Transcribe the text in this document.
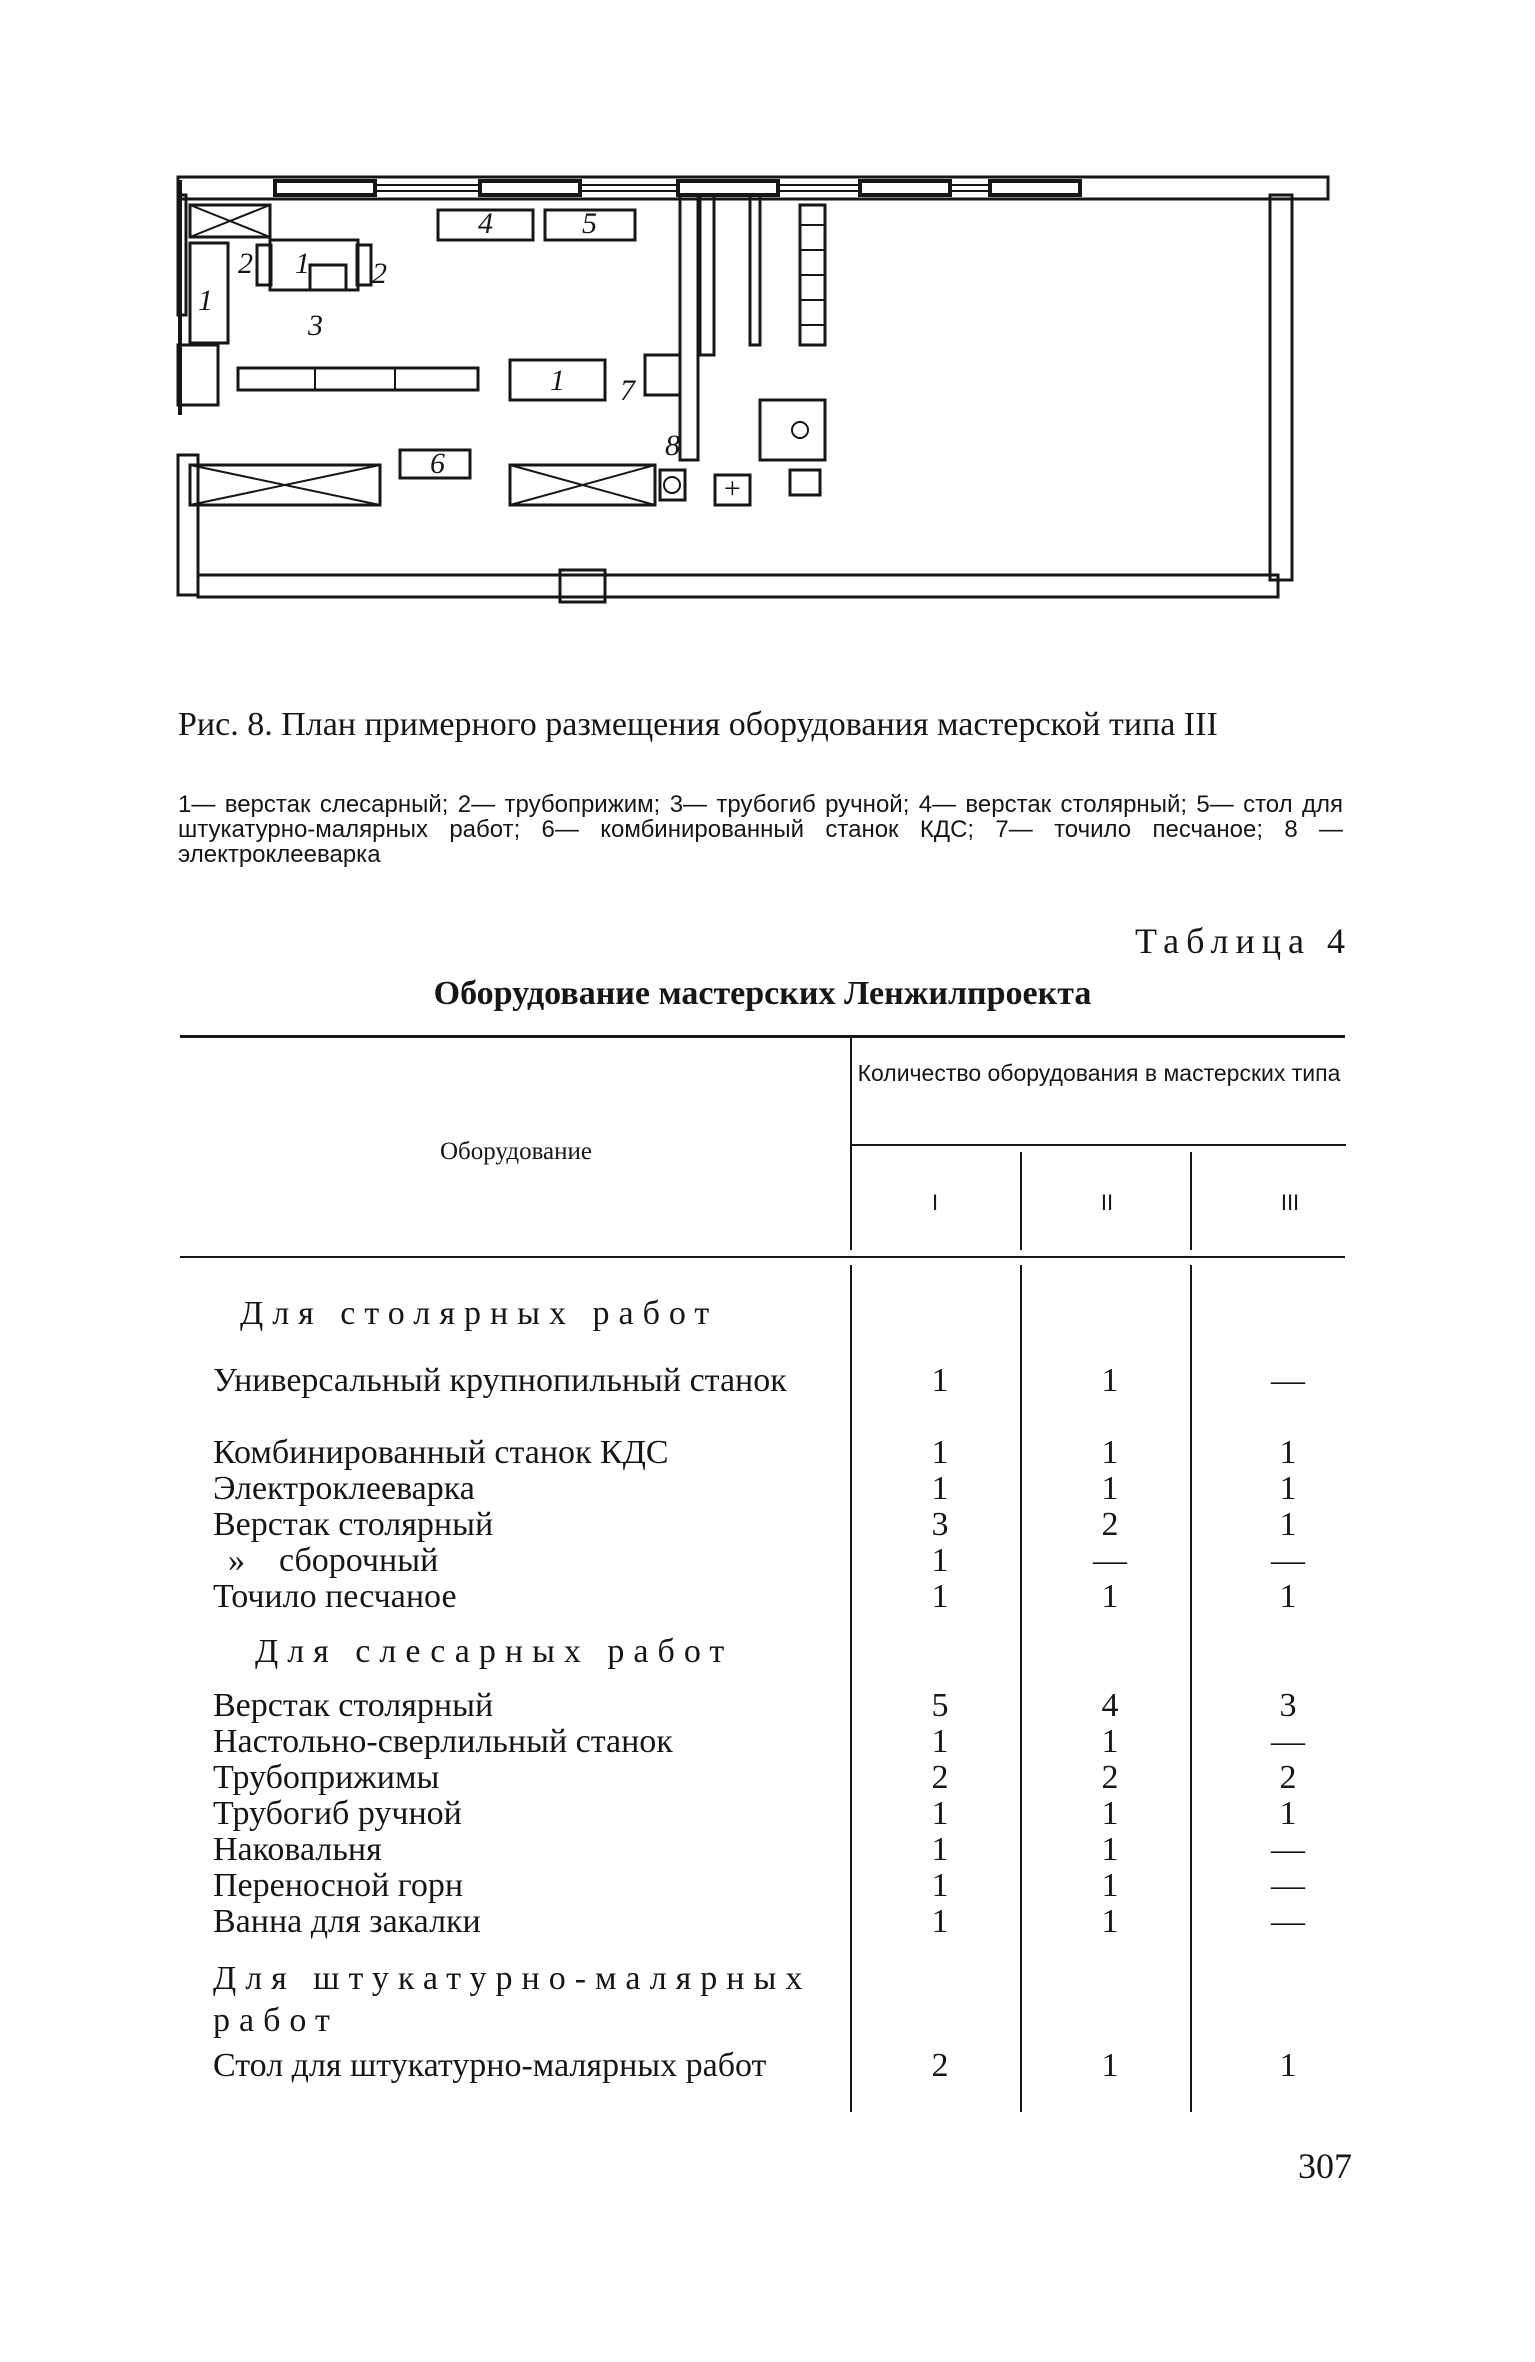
1
1
2	2
3
4	5
1 7
6
8
+
Рис. 8. План примерного размещения оборудования мастерской типа III
1— верстак слесарный; 2— трубоприжим; 3— трубогиб ручной; 4— верстак столярный; 5— стол для штукатурно-малярных работ; 6— комбинированный станок КДС; 7— точило песчаное; 8 — электроклееварка
Таблица 4
Оборудование мастерских Ленжилпроекта
Количество оборудования в мастерских типа
Оборудование
I	II	III
Для столярных работ
Универсальный крупнопильный станок	1	1	—
Комбинированный станок КДС	1	1	1
Электроклееварка	1	1	1
Верстак столярный	3	2	1
»    сборочный	1	—	—
Точило песчаное	1	1	1
Для слесарных работ
Верстак столярный	5	4	3
Настольно-сверлильный станок	1	1	—
Трубоприжимы	2	2	2
Трубогиб ручной	1	1	1
Наковальня	1	1	—
Переносной горн	1	1	—
Ванна для закалки	1	1	—
Для штукатурно-малярных работ
Стол для штукатурно-малярных работ	2	1	1
307
